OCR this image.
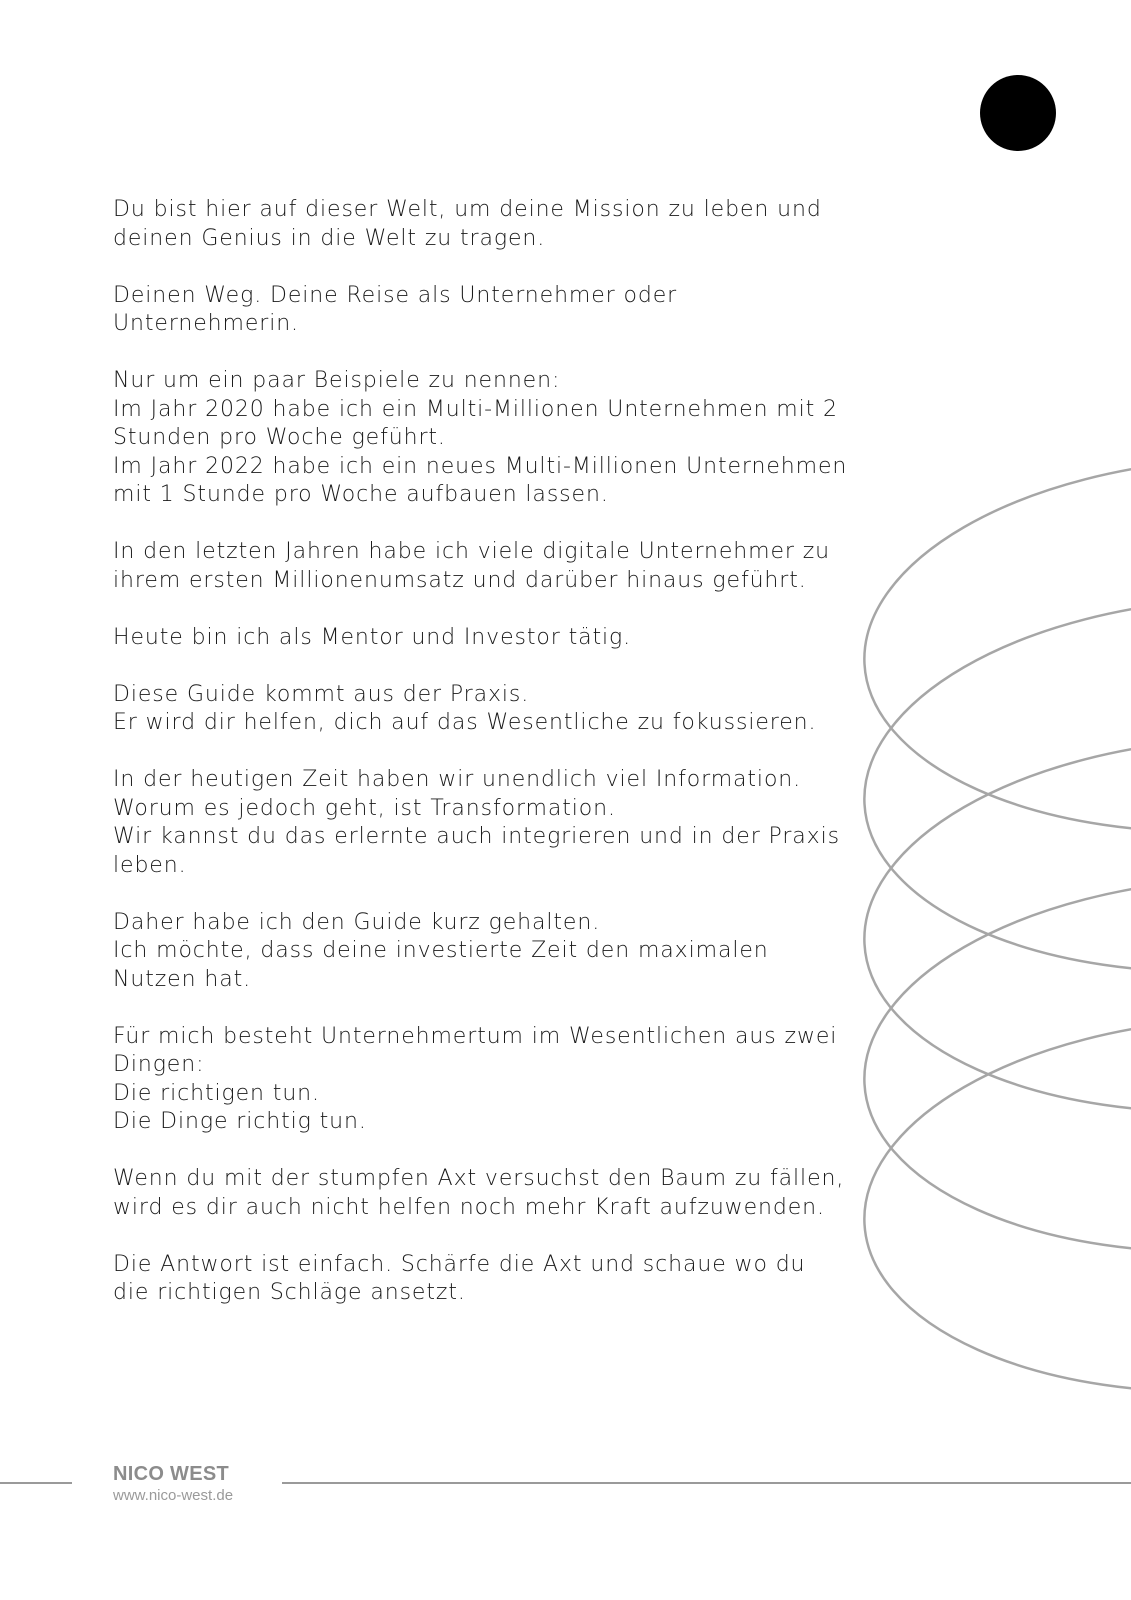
Du bist hier auf dieser Welt, um deine Mission zu leben und
deinen Genius in die Welt zu tragen.

Deinen Weg. Deine Reise als Unternehmer oder
Unternehmerin.

Nur um ein paar Beispiele zu nennen:
Im Jahr 2020 habe ich ein Multi-Millionen Unternehmen mit 2
Stunden pro Woche geführt.
Im Jahr 2022 habe ich ein neues Multi-Millionen Unternehmen
mit 1 Stunde pro Woche aufbauen lassen.

In den letzten Jahren habe ich viele digitale Unternehmer zu
ihrem ersten Millionenumsatz und darüber hinaus geführt.

Heute bin ich als Mentor und Investor tätig.

Diese Guide kommt aus der Praxis.
Er wird dir helfen, dich auf das Wesentliche zu fokussieren.

In der heutigen Zeit haben wir unendlich viel Information.
Worum es jedoch geht, ist Transformation.
Wir kannst du das erlernte auch integrieren und in der Praxis
leben.

Daher habe ich den Guide kurz gehalten.
Ich möchte, dass deine investierte Zeit den maximalen
Nutzen hat.

Für mich besteht Unternehmertum im Wesentlichen aus zwei
Dingen:
Die richtigen tun.
Die Dinge richtig tun.

Wenn du mit der stumpfen Axt versuchst den Baum zu fällen,
wird es dir auch nicht helfen noch mehr Kraft aufzuwenden.

Die Antwort ist einfach. Schärfe die Axt und schaue wo du
die richtigen Schläge ansetzt.

NICO WEST
www.nico-west.de
